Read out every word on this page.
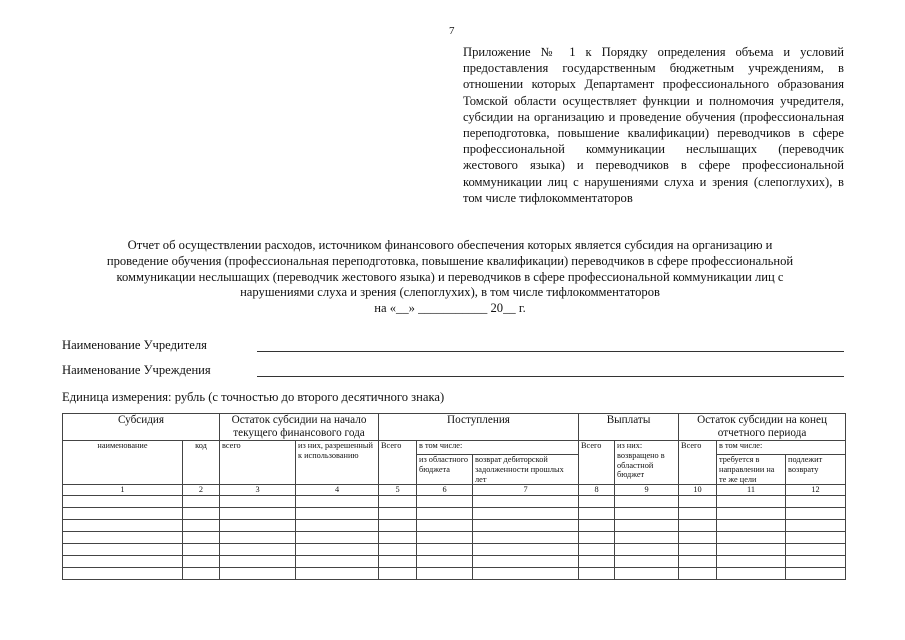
7
Приложение № 1 к Порядку определения объема и условий предоставления государственным бюджетным учреждениям, в отношении которых Департамент профессионального образования Томской области осуществляет функции и полномочия учредителя, субсидии на организацию и проведение обучения (профессиональная переподготовка, повышение квалификации) переводчиков в сфере профессиональной коммуникации неслышащих (переводчик жестового языка) и переводчиков в сфере профессиональной коммуникации лиц с нарушениями слуха и зрения (слепоглухих), в том числе тифлокомментаторов
Отчет об осуществлении расходов, источником финансового обеспечения которых является субсидия на организацию и
проведение обучения (профессиональная переподготовка, повышение квалификации) переводчиков в сфере профессиональной
коммуникации неслышащих (переводчик жестового языка) и переводчиков в сфере профессиональной коммуникации лиц с
нарушениями слуха и зрения (слепоглухих), в том числе тифлокомментаторов
на «__» ___________ 20__ г.
Наименование Учредителя
Наименование Учреждения
Единица измерения: рубль (с точностью до второго десятичного знака)
Субсидия		Остаток субсидии на начало текущего финансового года		Поступления			Выплаты		Остаток субсидии на конец отчетного периода		
наименование	код	всего	из них, разрешенный к использованию	Всего	в том числе:		Всего	из них: возвращено в областной бюджет	Всего	в том числе:	
					из областного бюджета	возврат дебиторской задолженности прошлых лет				требуется в направлении на те же цели	подлежит возврату
1	2	3	4	5	6	7	8	9	10	11	12
